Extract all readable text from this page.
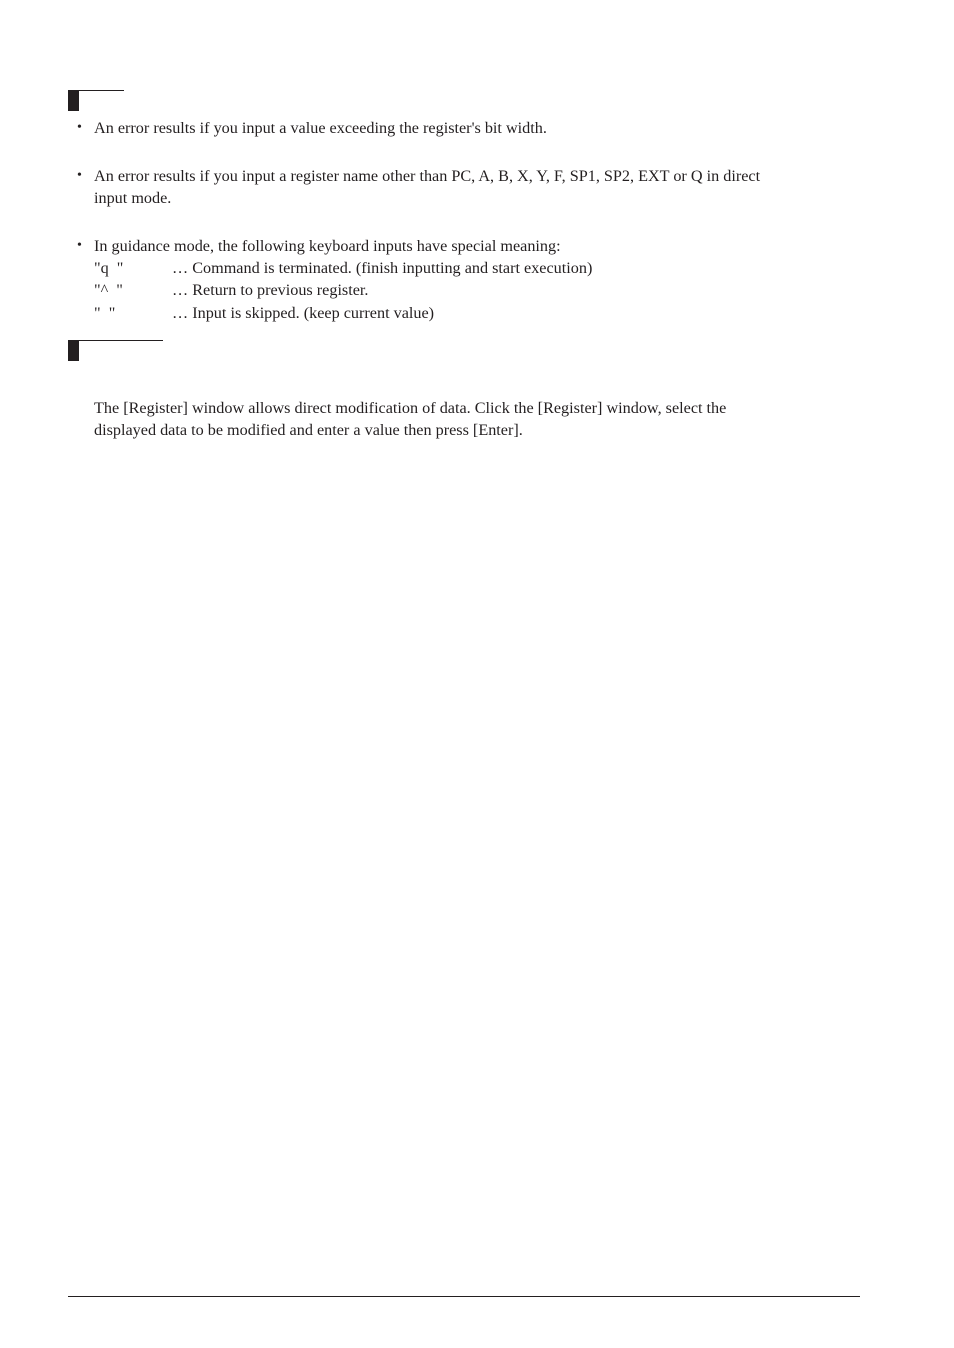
• An error results if you input a value exceeding the register's bit width.
• An error results if you input a register name other than PC, A, B, X, Y, F, SP1, SP2, EXT or Q in direct
input mode.
• In guidance mode, the following keyboard inputs have special meaning:
"q  "	… Command is terminated. (finish inputting and start execution)
"^  "	… Return to previous register.
"  "	… Input is skipped. (keep current value)
The [Register] window allows direct modification of data. Click the [Register] window, select the
displayed data to be modified and enter a value then press [Enter].
